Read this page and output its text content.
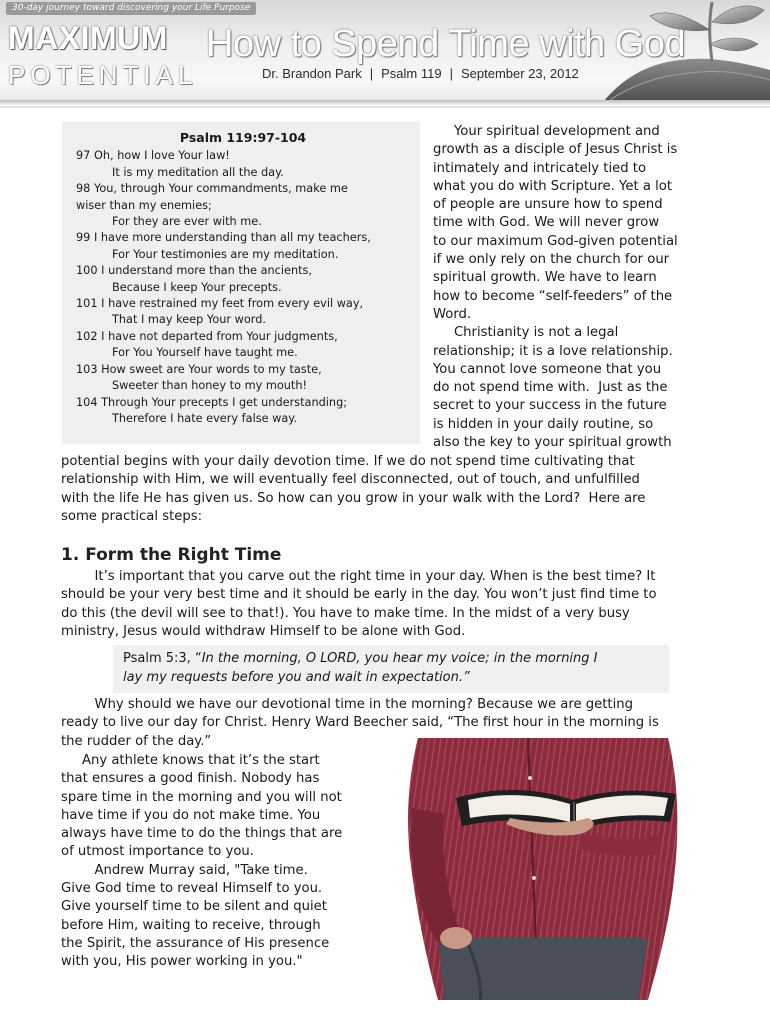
30-day journey toward discovering your Life Purpose
MAXIMUM
POTENTIAL
How to Spend Time with God
Dr. Brandon Park | Psalm 119 | September 23, 2012
Psalm 119:97-104
97 Oh, how I love Your law!
It is my meditation all the day.
98 You, through Your commandments, make me
wiser than my enemies;
For they are ever with me.
99 I have more understanding than all my teachers,
For Your testimonies are my meditation.
100 I understand more than the ancients,
Because I keep Your precepts.
101 I have restrained my feet from every evil way,
That I may keep Your word.
102 I have not departed from Your judgments,
For You Yourself have taught me.
103 How sweet are Your words to my taste,
Sweeter than honey to my mouth!
104 Through Your precepts I get understanding;
Therefore I hate every false way.

Your spiritual development and

growth as a disciple of Jesus Christ is

intimately and intricately tied to

what you do with Scripture. Yet a lot

of people are unsure how to spend

time with God. We will never grow

to our maximum God-given potential

if we only rely on the church for our

spiritual growth. We have to learn

how to become “self-feeders” of the

Word.

Christianity is not a legal

relationship; it is a love relationship.

You cannot love someone that you

do not spend time with.  Just as the

secret to your success in the future

is hidden in your daily routine, so

also the key to your spiritual growth

potential begins with your daily devotion time. If we do not spend time cultivating that

relationship with Him, we will eventually feel disconnected, out of touch, and unfulfilled

with the life He has given us. So how can you grow in your walk with the Lord?  Here are

some practical steps:

1. Form the Right Time

It’s important that you carve out the right time in your day. When is the best time? It

should be your very best time and it should be early in the day. You won’t just find time to

do this (the devil will see to that!). You have to make time. In the midst of a very busy

ministry, Jesus would withdraw Himself to be alone with God.

Psalm 5:3, “In the morning, O LORD, you hear my voice; in the morning I
lay my requests before you and wait in expectation.”

Why should we have our devotional time in the morning? Because we are getting

ready to live our day for Christ. Henry Ward Beecher said, “The first hour in the morning is

the rudder of the day.”

Any athlete knows that it’s the start

that ensures a good finish. Nobody has

spare time in the morning and you will not

have time if you do not make time. You

always have time to do the things that are

of utmost importance to you.

Andrew Murray said, "Take time.

Give God time to reveal Himself to you.

Give yourself time to be silent and quiet

before Him, waiting to receive, through

the Spirit, the assurance of His presence

with you, His power working in you."
